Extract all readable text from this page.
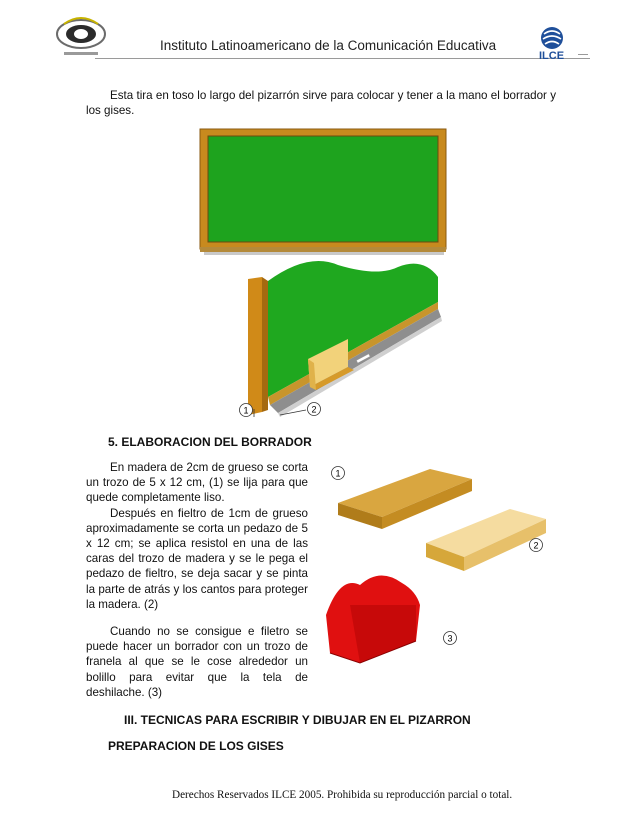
Instituto Latinoamericano de la Comunicación Educativa
ILCE

Esta tira en toso lo largo del pizarrón sirve para colocar y tener a la mano el borrador y los gises.

1	2
5. ELABORACION DEL BORRADOR

En madera de 2cm de grueso se corta un trozo de 5 x 12 cm, (1) se lija para que quede completamente liso.

Después en fieltro de 1cm de grueso aproximadamente se corta un pedazo de 5 x 12 cm; se aplica resistol en una de las caras del trozo de madera y se le pega el pedazo de fieltro, se deja sacar y se pinta la parte de atrás y los cantos para proteger la madera. (2)

Cuando no se consigue e filetro se puede hacer un borrador con un trozo de franela al que se le cose alrededor un bolillo para evitar que la tela de deshilache. (3)

1
2
3
III. TECNICAS PARA ESCRIBIR Y DIBUJAR EN EL PIZARRON
PREPARACION DE LOS GISES
Derechos Reservados ILCE 2005. Prohibida su reproducción parcial o total.
